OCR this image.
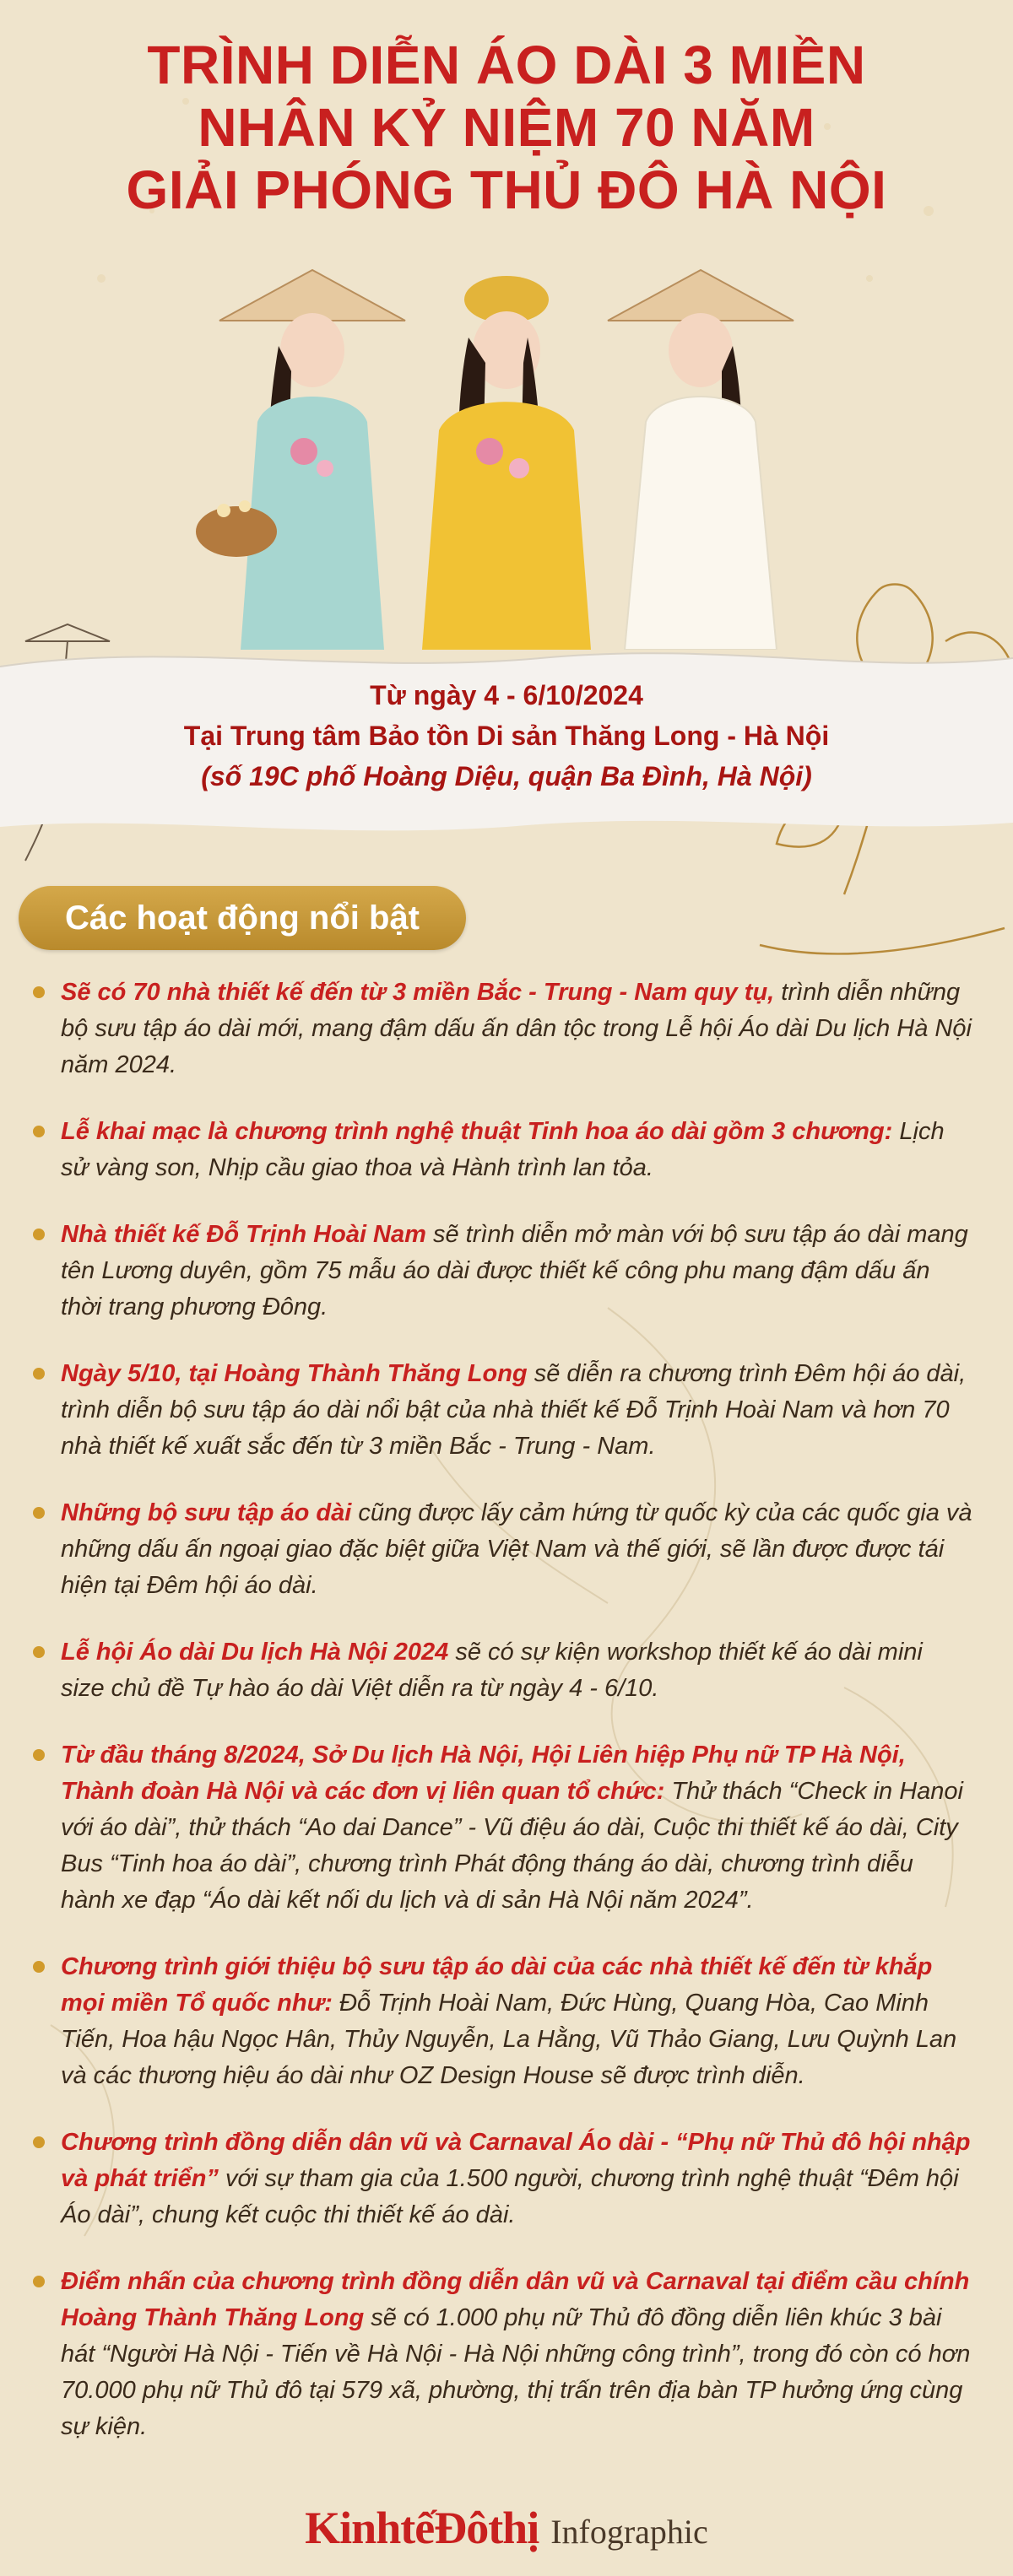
TRÌNH DIỄN ÁO DÀI 3 MIỀN
NHÂN KỶ NIỆM 70 NĂM
GIẢI PHÓNG THỦ ĐÔ HÀ NỘI
Từ ngày 4 - 6/10/2024
Tại Trung tâm Bảo tồn Di sản Thăng Long - Hà Nội
(số 19C phố Hoàng Diệu, quận Ba Đình, Hà Nội)
Các hoạt động nổi bật
Sẽ có 70 nhà thiết kế đến từ 3 miền Bắc - Trung - Nam quy tụ, trình diễn những bộ sưu tập áo dài mới, mang đậm dấu ấn dân tộc trong Lễ hội Áo dài Du lịch Hà Nội năm 2024.
Lễ khai mạc là chương trình nghệ thuật Tinh hoa áo dài gồm 3 chương: Lịch sử vàng son, Nhịp cầu giao thoa và Hành trình lan tỏa.
Nhà thiết kế Đỗ Trịnh Hoài Nam sẽ trình diễn mở màn với bộ sưu tập áo dài mang tên Lương duyên, gồm 75 mẫu áo dài được thiết kế công phu mang đậm dấu ấn thời trang phương Đông.
Ngày 5/10, tại Hoàng Thành Thăng Long sẽ diễn ra chương trình Đêm hội áo dài, trình diễn bộ sưu tập áo dài nổi bật của nhà thiết kế Đỗ Trịnh Hoài Nam và hơn 70 nhà thiết kế xuất sắc đến từ 3 miền Bắc - Trung - Nam.
Những bộ sưu tập áo dài cũng được lấy cảm hứng từ quốc kỳ của các quốc gia và những dấu ấn ngoại giao đặc biệt giữa Việt Nam và thế giới, sẽ lần được được tái hiện tại Đêm hội áo dài.
Lễ hội Áo dài Du lịch Hà Nội 2024 sẽ có sự kiện workshop thiết kế áo dài mini size chủ đề Tự hào áo dài Việt diễn ra từ ngày 4 - 6/10.
Từ đầu tháng 8/2024, Sở Du lịch Hà Nội, Hội Liên hiệp Phụ nữ TP Hà Nội, Thành đoàn Hà Nội và các đơn vị liên quan tổ chức: Thử thách “Check in Hanoi với áo dài”, thử thách “Ao dai Dance” - Vũ điệu áo dài, Cuộc thi thiết kế áo dài, City Bus “Tinh hoa áo dài”, chương trình Phát động tháng áo dài, chương trình diễu hành xe đạp “Áo dài kết nối du lịch và di sản Hà Nội năm 2024”.
Chương trình giới thiệu bộ sưu tập áo dài của các nhà thiết kế đến từ khắp mọi miền Tổ quốc như: Đỗ Trịnh Hoài Nam, Đức Hùng, Quang Hòa, Cao Minh Tiến, Hoa hậu Ngọc Hân, Thủy Nguyễn, La Hằng, Vũ Thảo Giang, Lưu Quỳnh Lan và các thương hiệu áo dài như OZ Design House sẽ được trình diễn.
Chương trình đồng diễn dân vũ và Carnaval Áo dài - “Phụ nữ Thủ đô hội nhập và phát triển” với sự tham gia của 1.500 người, chương trình nghệ thuật “Đêm hội Áo dài”, chung kết cuộc thi thiết kế áo dài.
Điểm nhấn của chương trình đồng diễn dân vũ và Carnaval tại điểm cầu chính Hoàng Thành Thăng Long sẽ có 1.000 phụ nữ Thủ đô đồng diễn liên khúc 3 bài hát “Người Hà Nội - Tiến về Hà Nội - Hà Nội những công trình”, trong đó còn có hơn 70.000 phụ nữ Thủ đô tại 579 xã, phường, thị trấn trên địa bàn TP hưởng ứng cùng sự kiện.
KinhtếĐôthị Infographic
